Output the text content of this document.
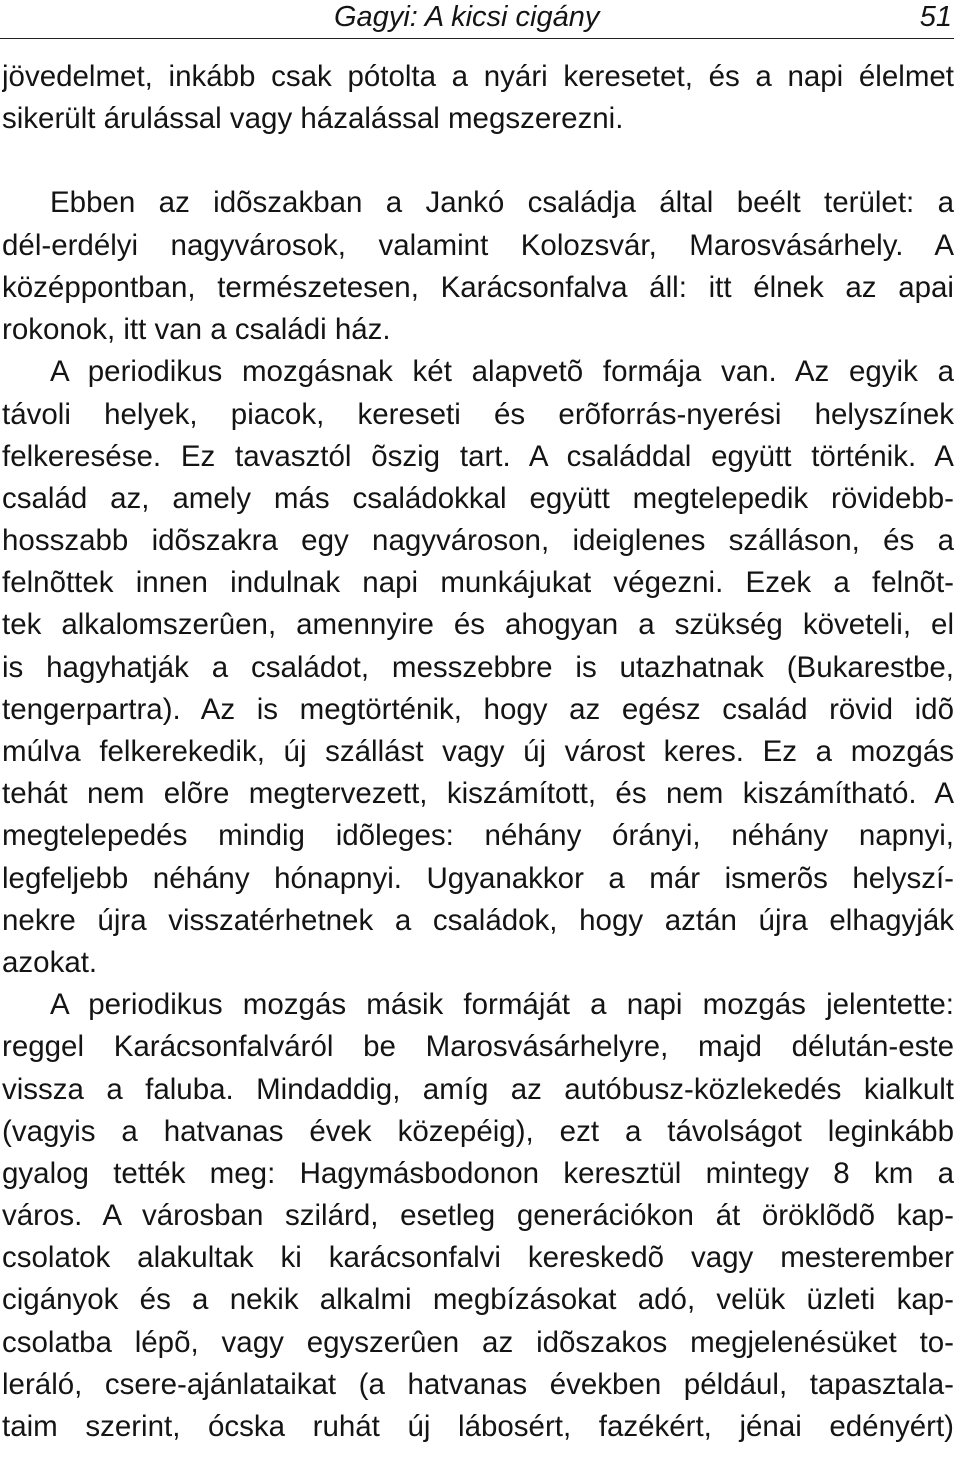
Gagyi: A kicsi cigány	51
jövedelmet, inkább csak pótolta a nyári keresetet, és a napi élelmet
sikerült árulással vagy házalással megszerezni.
Ebben az idõszakban a Jankó családja által beélt terület: a
dél-erdélyi nagyvárosok, valamint Kolozsvár, Marosvásárhely. A
középpontban, természetesen, Karácsonfalva áll: itt élnek az apai
rokonok, itt van a családi ház.
A periodikus mozgásnak két alapvetõ formája van. Az egyik a
távoli helyek, piacok, kereseti és erõforrás-nyerési helyszínek
felkeresése. Ez tavasztól õszig tart. A családdal együtt történik. A
család az, amely más családokkal együtt megtelepedik rövidebb-
hosszabb idõszakra egy nagyvároson, ideiglenes szálláson, és a
felnõttek innen indulnak napi munkájukat végezni. Ezek a felnõt-
tek alkalomszerûen, amennyire és ahogyan a szükség követeli, el
is hagyhatják a családot, messzebbre is utazhatnak (Bukarestbe,
tengerpartra). Az is megtörténik, hogy az egész család rövid idõ
múlva felkerekedik, új szállást vagy új várost keres. Ez a mozgás
tehát nem elõre megtervezett, kiszámított, és nem kiszámítható. A
megtelepedés mindig idõleges: néhány órányi, néhány napnyi,
legfeljebb néhány hónapnyi. Ugyanakkor a már ismerõs helyszí-
nekre újra visszatérhetnek a családok, hogy aztán újra elhagyják
azokat.
A periodikus mozgás másik formáját a napi mozgás jelentette:
reggel Karácsonfalváról be Marosvásárhelyre, majd délután-este
vissza a faluba. Mindaddig, amíg az autóbusz-közlekedés kialkult
(vagyis a hatvanas évek közepéig), ezt a távolságot leginkább
gyalog tették meg: Hagymásbodonon keresztül mintegy 8 km a
város. A városban szilárd, esetleg generációkon át öröklõdõ kap-
csolatok alakultak ki karácsonfalvi kereskedõ vagy mesterember
cigányok és a nekik alkalmi megbízásokat adó, velük üzleti kap-
csolatba lépõ, vagy egyszerûen az idõszakos megjelenésüket to-
leráló, csere-ajánlataikat (a hatvanas években például, tapasztala-
taim szerint, ócska ruhát új lábosért, fazékért, jénai edényért)
